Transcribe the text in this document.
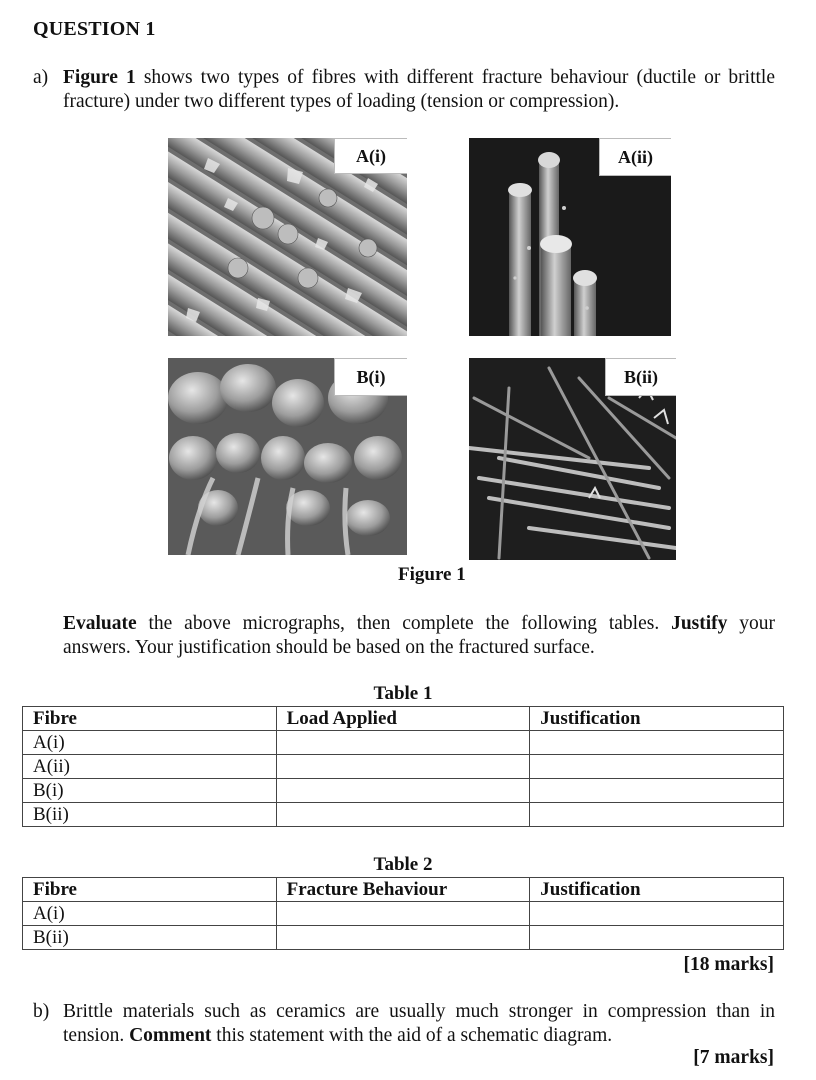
QUESTION 1
a) Figure 1 shows two types of fibres with different fracture behaviour (ductile or brittle fracture) under two different types of loading (tension or compression).
A(i)	A(ii)
B(i)	B(ii)
Figure 1
Evaluate the above micrographs, then complete the following tables. Justify your answers. Your justification should be based on the fractured surface.
Table 1
Fibre	Load Applied	Justification
A(i)		
A(ii)		
B(i)		
B(ii)		
Table 2
Fibre	Fracture Behaviour	Justification
A(i)		
B(ii)		
[18 marks]
b) Brittle materials such as ceramics are usually much stronger in compression than in tension. Comment this statement with the aid of a schematic diagram.
[7 marks]
